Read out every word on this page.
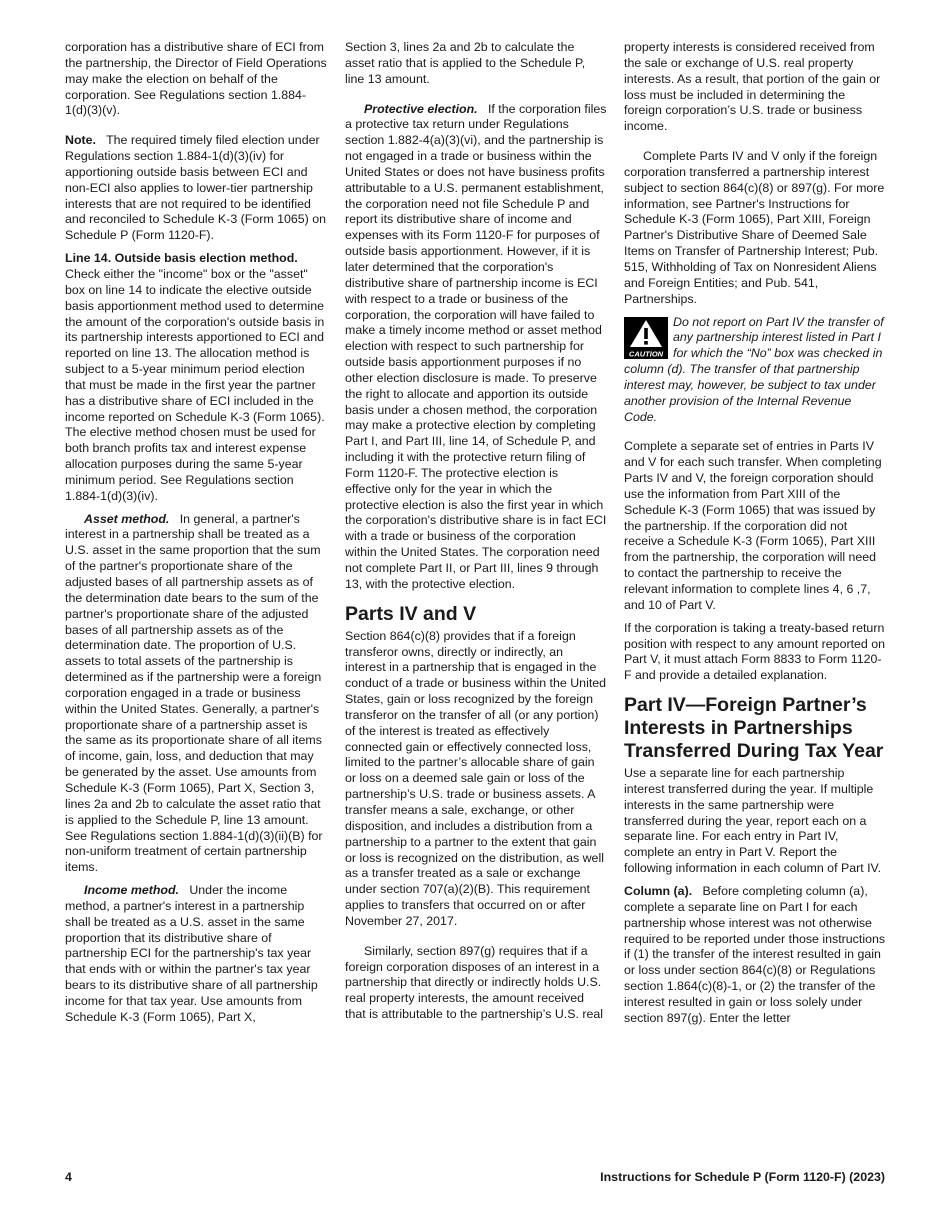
corporation has a distributive share of ECI from the partnership, the Director of Field Operations may make the election on behalf of the corporation. See Regulations section 1.884-1(d)(3)(v).

Note. The required timely filed election under Regulations section 1.884-1(d)(3)(iv) for apportioning outside basis between ECI and non-ECI also applies to lower-tier partnership interests that are not required to be identified and reconciled to Schedule K-3 (Form 1065) on Schedule P (Form 1120-F).

Line 14. Outside basis election method.   Check either the "income" box or the "asset" box on line 14 to indicate the elective outside basis apportionment method used to determine the amount of the corporation's outside basis in its partnership interests apportioned to ECI and reported on line 13. The allocation method is subject to a 5-year minimum period election that must be made in the first year the partner has a distributive share of ECI included in the income reported on Schedule K-3 (Form 1065). The elective method chosen must be used for both branch profits tax and interest expense allocation purposes during the same 5-year minimum period. See Regulations section 1.884-1(d)(3)(iv).

Asset method. In general, a partner's interest in a partnership shall be treated as a U.S. asset in the same proportion that the sum of the partner's proportionate share of the adjusted bases of all partnership assets as of the determination date bears to the sum of the partner's proportionate share of the adjusted bases of all partnership assets as of the determination date. The proportion of U.S. assets to total assets of the partnership is determined as if the partnership were a foreign corporation engaged in a trade or business within the United States. Generally, a partner's proportionate share of a partnership asset is the same as its proportionate share of all items of income, gain, loss, and deduction that may be generated by the asset. Use amounts from Schedule K-3 (Form 1065), Part X, Section 3, lines 2a and 2b to calculate the asset ratio that is applied to the Schedule P, line 13 amount. See Regulations section 1.884-1(d)(3)(ii)(B) for non-uniform treatment of certain partnership items.

Income method. Under the income method, a partner's interest in a partnership shall be treated as a U.S. asset in the same proportion that its distributive share of partnership ECI for the partnership's tax year that ends with or within the partner's tax year bears to its distributive share of all partnership income for that tax year. Use amounts from Schedule K-3 (Form 1065), Part X,

Section 3, lines 2a and 2b to calculate the asset ratio that is applied to the Schedule P, line 13 amount.

Protective election. If the corporation files a protective tax return under Regulations section 1.882-4(a)(3)(vi), and the partnership is not engaged in a trade or business within the United States or does not have business profits attributable to a U.S. permanent establishment, the corporation need not file Schedule P and report its distributive share of income and expenses with its Form 1120-F for purposes of outside basis apportionment. However, if it is later determined that the corporation's distributive share of partnership income is ECI with respect to a trade or business of the corporation, the corporation will have failed to make a timely income method or asset method election with respect to such partnership for outside basis apportionment purposes if no other election disclosure is made. To preserve the right to allocate and apportion its outside basis under a chosen method, the corporation may make a protective election by completing Part I, and Part III, line 14, of Schedule P, and including it with the protective return filing of Form 1120-F. The protective election is effective only for the year in which the protective election is also the first year in which the corporation's distributive share is in fact ECI with a trade or business of the corporation within the United States. The corporation need not complete Part II, or Part III, lines 9 through 13, with the protective election.

Parts IV and V

Section 864(c)(8) provides that if a foreign transferor owns, directly or indirectly, an interest in a partnership that is engaged in the conduct of a trade or business within the United States, gain or loss recognized by the foreign transferor on the transfer of all (or any portion) of the interest is treated as effectively connected gain or effectively connected loss, limited to the partner’s allocable share of gain or loss on a deemed sale gain or loss of the partnership’s U.S. trade or business assets. A transfer means a sale, exchange, or other disposition, and includes a distribution from a partnership to a partner to the extent that gain or loss is recognized on the distribution, as well as a transfer treated as a sale or exchange under section 707(a)(2)(B). This requirement applies to transfers that occurred on or after November 27, 2017.

Similarly, section 897(g) requires that if a foreign corporation disposes of an interest in a partnership that directly or indirectly holds U.S. real property interests, the amount received that is attributable to the partnership’s U.S. real

property interests is considered received from the sale or exchange of U.S. real property interests. As a result, that portion of the gain or loss must be included in determining the foreign corporation’s U.S. trade or business income.

Complete Parts IV and V only if the foreign corporation transferred a partnership interest subject to section 864(c)(8) or 897(g). For more information, see Partner's Instructions for Schedule K-3 (Form 1065), Part XIII, Foreign Partner's Distributive Share of Deemed Sale Items on Transfer of Partnership Interest; Pub. 515, Withholding of Tax on Nonresident Aliens and Foreign Entities; and Pub. 541, Partnerships.

CAUTION
Do not report on Part IV the transfer of any partnership interest listed in Part I for which the “No” box was checked in column (d). The transfer of that partnership interest may, however, be subject to tax under another provision of the Internal Revenue Code.

Complete a separate set of entries in Parts IV and V for each such transfer. When completing Parts IV and V, the foreign corporation should use the information from Part XIII of the Schedule K-3 (Form 1065) that was issued by the partnership. If the corporation did not receive a Schedule K-3 (Form 1065), Part XIII from the partnership, the corporation will need to contact the partnership to receive the relevant information to complete lines 4, 6 ,7, and 10 of Part V.

If the corporation is taking a treaty-based return position with respect to any amount reported on Part V, it must attach Form 8833 to Form 1120-F and provide a detailed explanation.

Part IV—Foreign Partner’s Interests in Partnerships Transferred During Tax Year

Use a separate line for each partnership interest transferred during the year. If multiple interests in the same partnership were transferred during the year, report each on a separate line. For each entry in Part IV, complete an entry in Part V. Report the following information in each column of Part IV.

Column (a). Before completing column (a), complete a separate line on Part I for each partnership whose interest was not otherwise required to be reported under those instructions if (1) the transfer of the interest resulted in gain or loss under section 864(c)(8) or Regulations section 1.864(c)(8)-1, or (2) the transfer of the interest resulted in gain or loss solely under section 897(g). Enter the letter

4	Instructions for Schedule P (Form 1120-F) (2023)
